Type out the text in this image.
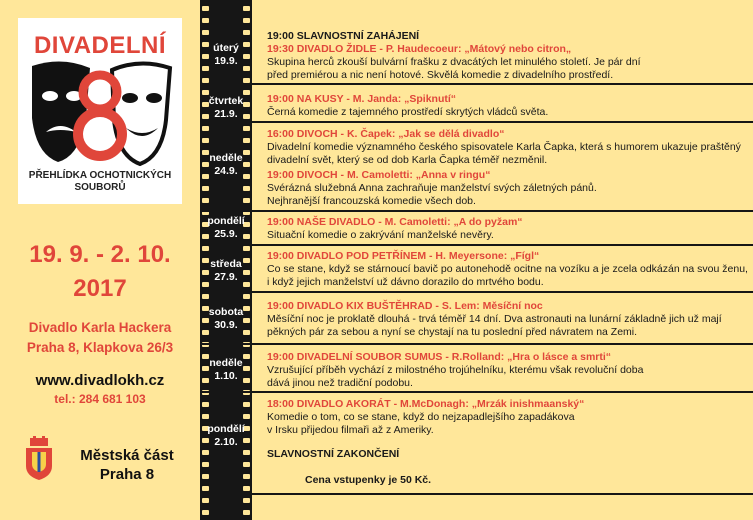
DIVADELNÍ
PŘEHLÍDKA OCHOTNICKÝCH
SOUBORŮ
19. 9. - 2. 10.
2017
Divadlo Karla Hackera
Praha 8, Klapkova 26/3
www.divadlokh.cz
tel.: 284 681 103
Městská část
Praha 8
úterý
19.9.
čtvrtek
21.9.
neděle
24.9.
pondělí
25.9.
středa
27.9.
sobota
30.9.
neděle
1.10.
pondělí
2.10.
19:00 SLAVNOSTNÍ ZAHÁJENÍ
19:30 DIVADLO ŽIDLE - P. Haudecoeur: „Mátový nebo citron„
Skupina herců zkouší bulvární frašku z dvacátých let minulého století. Je pár dní
před premiérou a nic není hotové. Skvělá komedie z divadelního prostředí.
19:00 NA KUSY - M. Janda: „Spiknutí“
Černá komedie z tajemného prostředí skrytých vládců světa.
16:00 DIVOCH - K. Čapek: „Jak se dělá divadlo“
Divadelní komedie významného českého spisovatele Karla Čapka, která s humorem ukazuje praštěný
divadelní svět, který se od dob Karla Čapka téměř nezměnil.
19:00 DIVOCH - M. Camoletti: „Anna v ringu“
Svérázná služebná Anna zachraňuje manželství svých záletných pánů.
Nejhranější francouzská komedie všech dob.
19:00 NAŠE DIVADLO - M. Camoletti: „A do pyžam“
Situační komedie o zakrývání manželské nevěry.
19:00 DIVADLO POD PETŘÍNEM - H. Meyersone: „Fígl“
Co se stane, když se stárnoucí bavič po autonehodě ocitne na vozíku a je zcela odkázán na svou ženu,
i když jejich manželství už dávno dorazilo do mrtvého bodu.
19:00 DIVADLO KIX BUŠTĚHRAD - S. Lem: Měsíční noc
Měsíční noc je proklatě dlouhá - trvá téměř 14 dní. Dva astronauti na lunární základně jich už mají
pěkných pár za sebou a nyní se chystají na tu poslední před návratem na Zemi.
19:00 DIVADELNÍ SOUBOR SUMUS - R.Rolland: „Hra o lásce a smrti“
Vzrušující příběh vychází z milostného trojúhelníku, kterému však revoluční doba
dává jinou než tradiční podobu.
18:00 DIVADLO AKORÁT - M.McDonagh: „Mrzák inishmaanský“
Komedie o tom, co se stane, když do nejzapadlejšího zapadákova
v Irsku přijedou filmaři až z Ameriky.
SLAVNOSTNÍ ZAKONČENÍ
Cena vstupenky je 50 Kč.
